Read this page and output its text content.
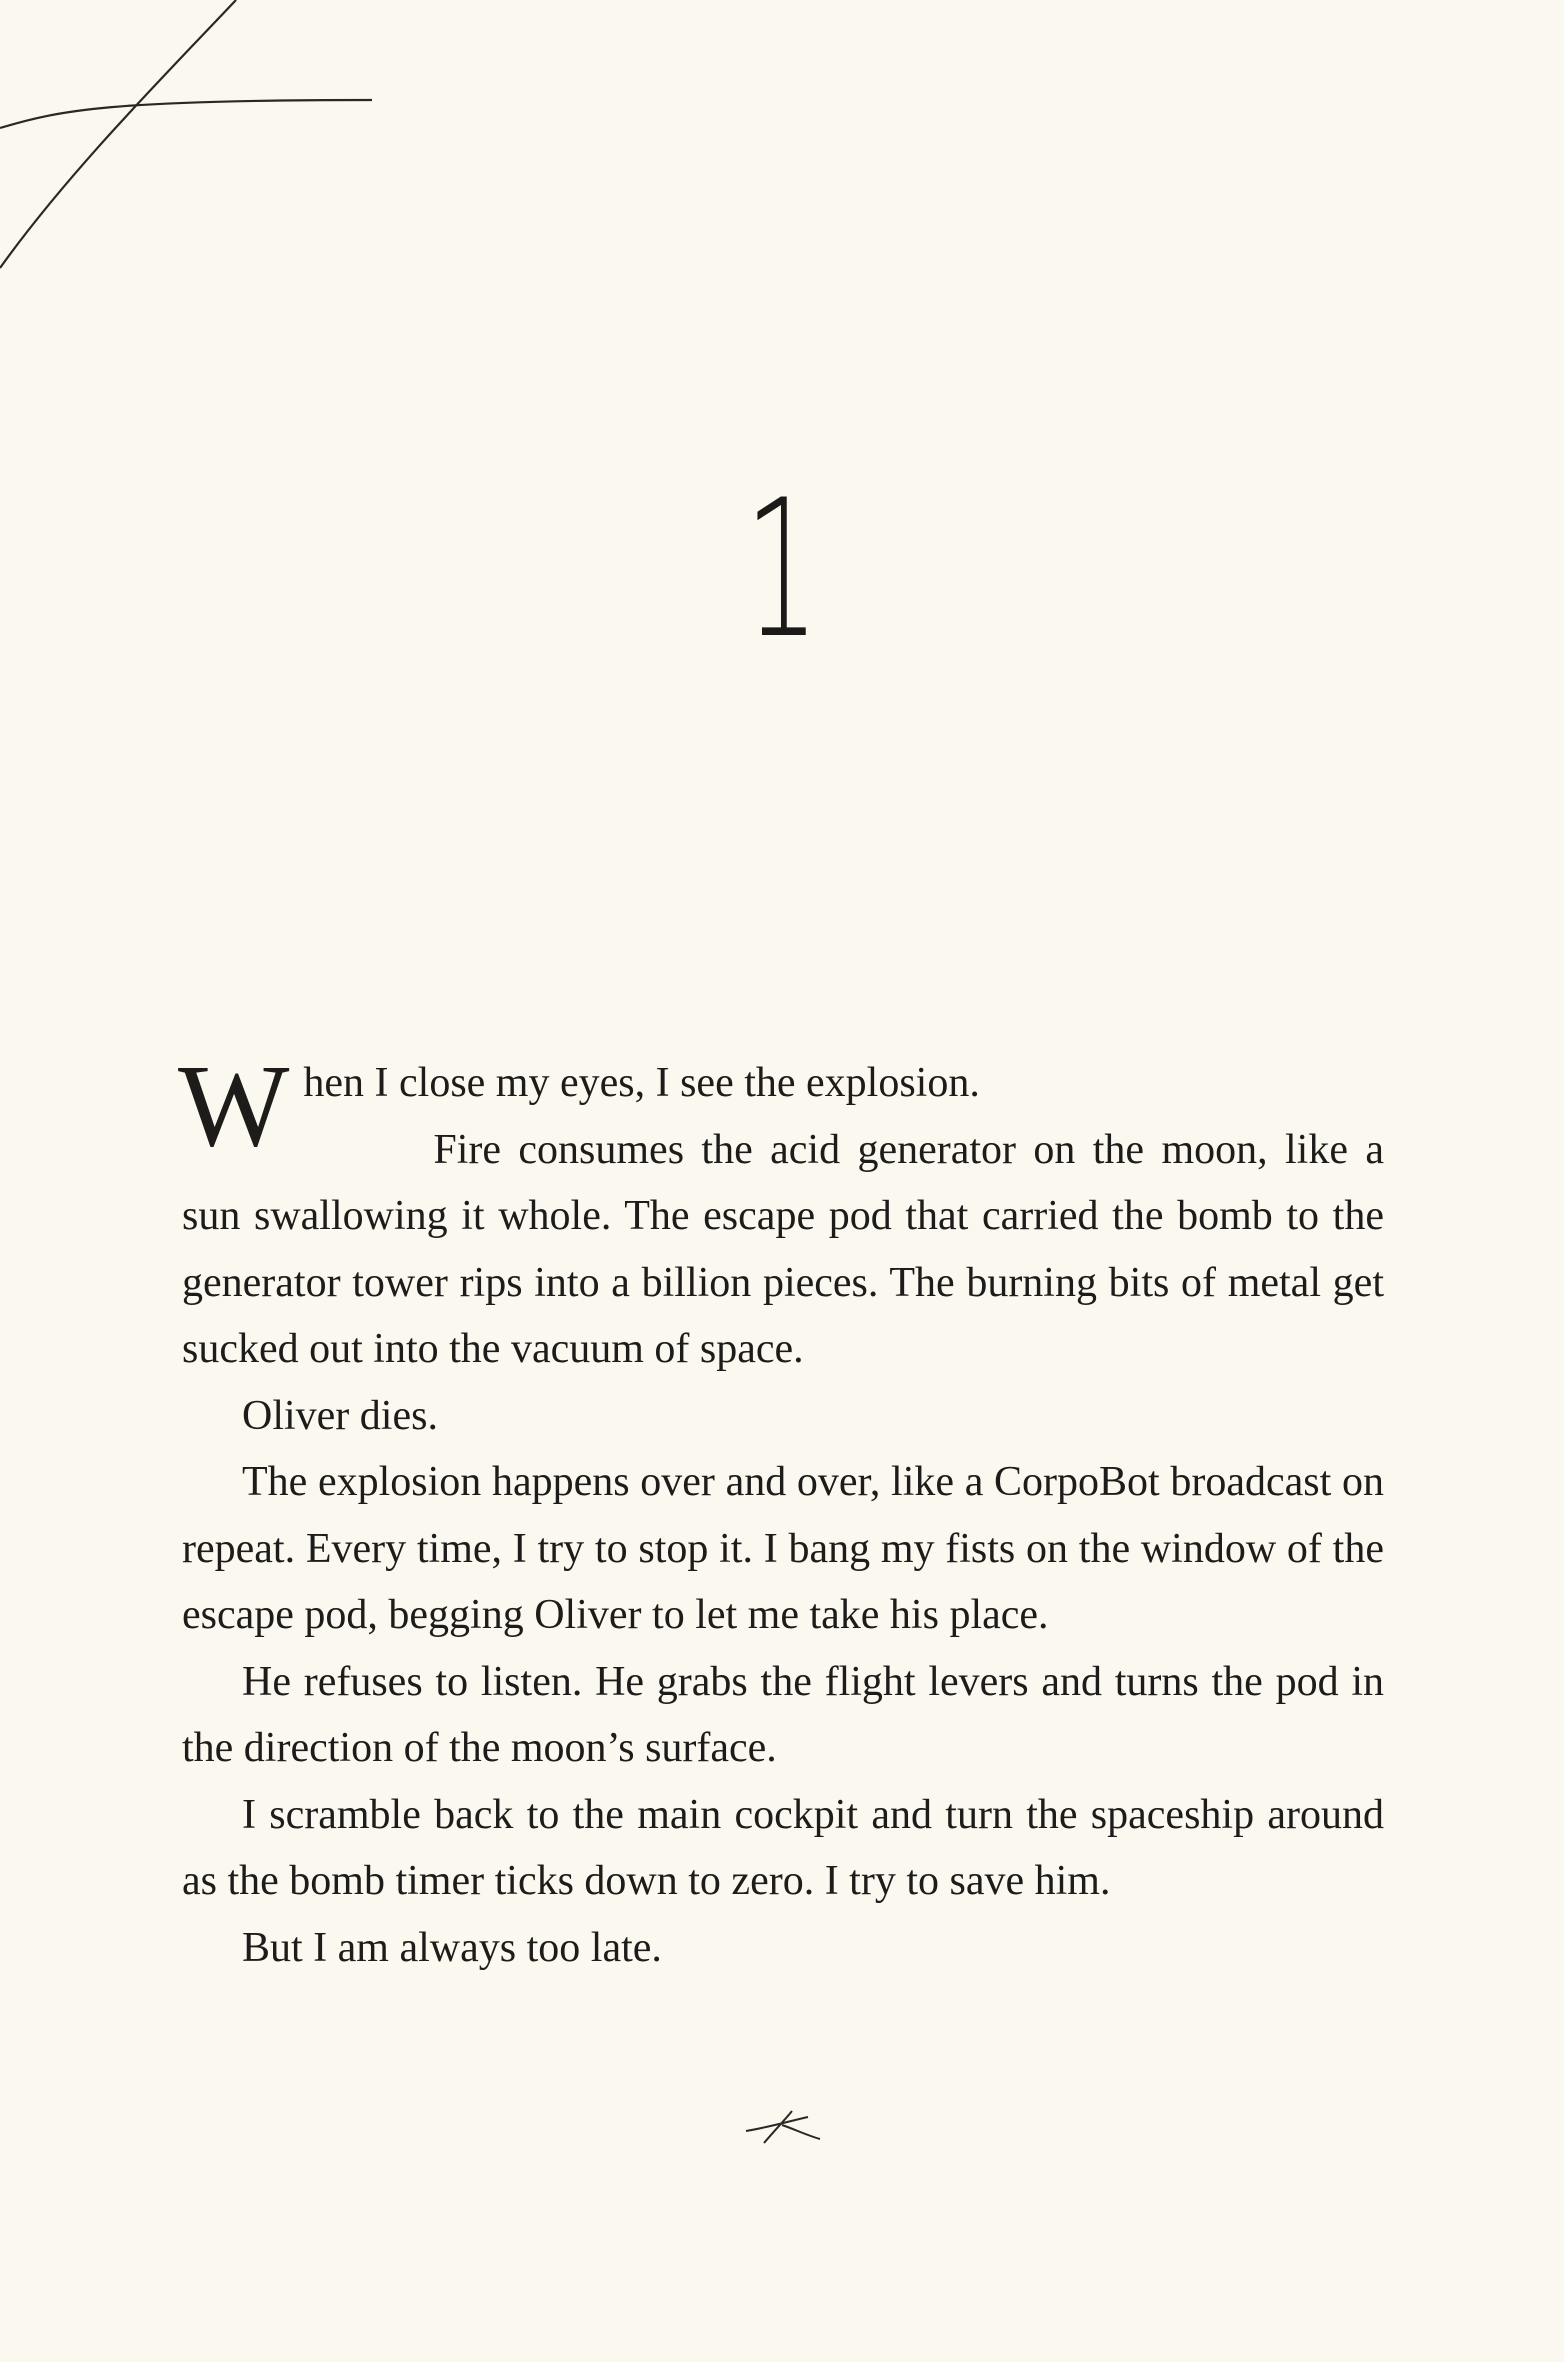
1

When I close my eyes, I see the explosion.

Fire consumes the acid generator on the moon, like a sun swallowing it whole. The escape pod that carried the bomb to the generator tower rips into a billion pieces. The burning bits of metal get sucked out into the vacuum of space.

Oliver dies.

The explosion happens over and over, like a CorpoBot broadcast on repeat. Every time, I try to stop it. I bang my fists on the window of the escape pod, begging Oliver to let me take his place.

He refuses to listen. He grabs the flight levers and turns the pod in the direction of the moon’s surface.

I scramble back to the main cockpit and turn the spaceship around as the bomb timer ticks down to zero. I try to save him.

But I am always too late.
